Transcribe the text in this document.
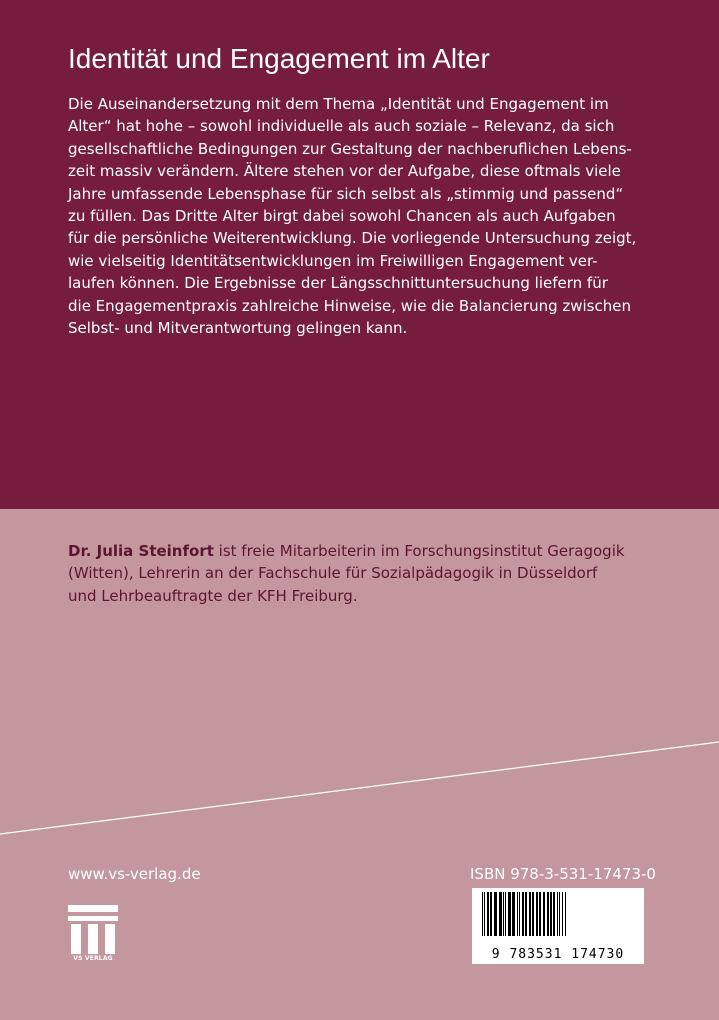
Identität und Engagement im Alter

Die Auseinandersetzung mit dem Thema „Identität und Engagement im
Alter“ hat hohe – sowohl individuelle als auch soziale – Relevanz, da sich
gesellschaftliche Bedingungen zur Gestaltung der nachberuflichen Lebens-
zeit massiv verändern. Ältere stehen vor der Aufgabe, diese oftmals viele
Jahre umfassende Lebensphase für sich selbst als „stimmig und passend“
zu füllen. Das Dritte Alter birgt dabei sowohl Chancen als auch Aufgaben
für die persönliche Weiterentwicklung. Die vorliegende Untersuchung zeigt,
wie vielseitig Identitätsentwicklungen im Freiwilligen Engagement ver-
laufen können. Die Ergebnisse der Längsschnittuntersuchung liefern für
die Engagementpraxis zahlreiche Hinweise, wie die Balancierung zwischen
Selbst- und Mitverantwortung gelingen kann.

Dr. Julia Steinfort ist freie Mitarbeiterin im Forschungsinstitut Geragogik
(Witten), Lehrerin an der Fachschule für Sozialpädagogik in Düsseldorf
und Lehrbeauftragte der KFH Freiburg.

www.vs-verlag.de	ISBN 978-3-531-17473-0

VS VERLAG	9 783531 174730
